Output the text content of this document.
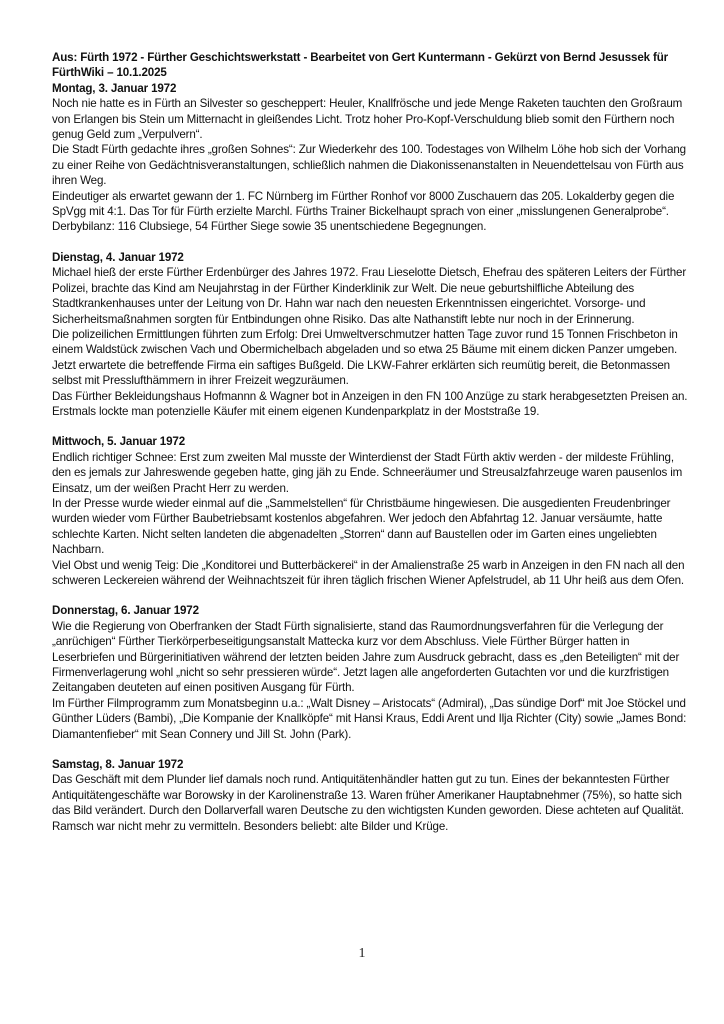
Aus: Fürth 1972 - Fürther Geschichtswerkstatt - Bearbeitet von Gert Kuntermann - Gekürzt von Bernd Jesussek für FürthWiki – 10.1.2025

Montag, 3. Januar 1972

Noch nie hatte es in Fürth an Silvester so gescheppert: Heuler, Knallfrösche und jede Menge Raketen tauchten den Großraum von Erlangen bis Stein um Mitternacht in gleißendes Licht. Trotz hoher Pro-Kopf-Verschuldung blieb somit den Fürthern noch genug Geld zum „Verpulvern“.

Die Stadt Fürth gedachte ihres „großen Sohnes“: Zur Wiederkehr des 100. Todestages von Wilhelm Löhe hob sich der Vorhang zu einer Reihe von Gedächtnisveranstaltungen, schließlich nahmen die Diakonissenanstalten in Neuendettelsau von Fürth aus ihren Weg.

Eindeutiger als erwartet gewann der 1. FC Nürnberg im Fürther Ronhof vor 8000 Zuschauern das 205. Lokalderby gegen die SpVgg mit 4:1. Das Tor für Fürth erzielte Marchl. Fürths Trainer Bickelhaupt sprach von einer „misslungenen Generalprobe“. Derbybilanz: 116 Clubsiege, 54 Fürther Siege sowie 35 unentschiedene Begegnungen.

Dienstag, 4. Januar 1972

Michael hieß der erste Fürther Erdenbürger des Jahres 1972. Frau Lieselotte Dietsch, Ehefrau des späteren Leiters der Fürther Polizei, brachte das Kind am Neujahrstag in der Fürther Kinderklinik zur Welt. Die neue geburtshilfliche Abteilung des Stadtkrankenhauses unter der Leitung von Dr. Hahn war nach den neuesten Erkenntnissen eingerichtet. Vorsorge- und Sicherheitsmaßnahmen sorgten für Entbindungen ohne Risiko. Das alte Nathanstift lebte nur noch in der Erinnerung.

Die polizeilichen Ermittlungen führten zum Erfolg: Drei Umweltverschmutzer hatten Tage zuvor rund 15 Tonnen Frischbeton in einem Waldstück zwischen Vach und Obermichelbach abgeladen und so etwa 25 Bäume mit einem dicken Panzer umgeben. Jetzt erwartete die betreffende Firma ein saftiges Bußgeld. Die LKW-Fahrer erklärten sich reumütig bereit, die Betonmassen selbst mit Presslufthämmern in ihrer Freizeit wegzuräumen.

Das Fürther Bekleidungshaus Hofmannn & Wagner bot in Anzeigen in den FN 100 Anzüge zu stark herabgesetzten Preisen an. Erstmals lockte man potenzielle Käufer mit einem eigenen Kundenparkplatz in der Moststraße 19.

Mittwoch, 5. Januar 1972

Endlich richtiger Schnee: Erst zum zweiten Mal musste der Winterdienst der Stadt Fürth aktiv werden - der mildeste Frühling, den es jemals zur Jahreswende gegeben hatte, ging jäh zu Ende. Schneeräumer und Streusalzfahrzeuge waren pausenlos im Einsatz, um der weißen Pracht Herr zu werden.

In der Presse wurde wieder einmal auf die „Sammelstellen“ für Christbäume hingewiesen. Die ausgedienten Freudenbringer wurden wieder vom Fürther Baubetriebsamt kostenlos abgefahren. Wer jedoch den Abfahrtag 12. Januar versäumte, hatte schlechte Karten. Nicht selten landeten die abgenadelten „Storren“ dann auf Baustellen oder im Garten eines ungeliebten Nachbarn.

Viel Obst und wenig Teig: Die „Konditorei und Butterbäckerei“ in der Amalienstraße 25 warb in Anzeigen in den FN nach all den schweren Leckereien während der Weihnachtszeit für ihren täglich frischen Wiener Apfelstrudel, ab 11 Uhr heiß aus dem Ofen.

Donnerstag, 6. Januar 1972

Wie die Regierung von Oberfranken der Stadt Fürth signalisierte, stand das Raumordnungsverfahren für die Verlegung der „anrüchigen“ Fürther Tierkörperbeseitigungsanstalt Mattecka kurz vor dem Abschluss. Viele Fürther Bürger hatten in Leserbriefen und Bürgerinitiativen während der letzten beiden Jahre zum Ausdruck gebracht, dass es „den Beteiligten“ mit der Firmenverlagerung wohl „nicht so sehr pressieren würde“. Jetzt lagen alle angeforderten Gutachten vor und die kurzfristigen Zeitangaben deuteten auf einen positiven Ausgang für Fürth.

Im Fürther Filmprogramm zum Monatsbeginn u.a.: „Walt Disney – Aristocats“ (Admiral), „Das sündige Dorf“ mit Joe Stöckel und Günther Lüders (Bambi), „Die Kompanie der Knallköpfe“ mit Hansi Kraus, Eddi Arent und Ilja Richter (City) sowie „James Bond: Diamantenfieber“ mit Sean Connery und Jill St. John (Park).

Samstag, 8. Januar 1972

Das Geschäft mit dem Plunder lief damals noch rund. Antiquitätenhändler hatten gut zu tun. Eines der bekanntesten Fürther Antiquitätengeschäfte war Borowsky in der Karolinenstraße 13. Waren früher Amerikaner Hauptabnehmer (75%), so hatte sich das Bild verändert. Durch den Dollarverfall waren Deutsche zu den wichtigsten Kunden geworden. Diese achteten auf Qualität. Ramsch war nicht mehr zu vermitteln. Besonders beliebt: alte Bilder und Krüge.

1
